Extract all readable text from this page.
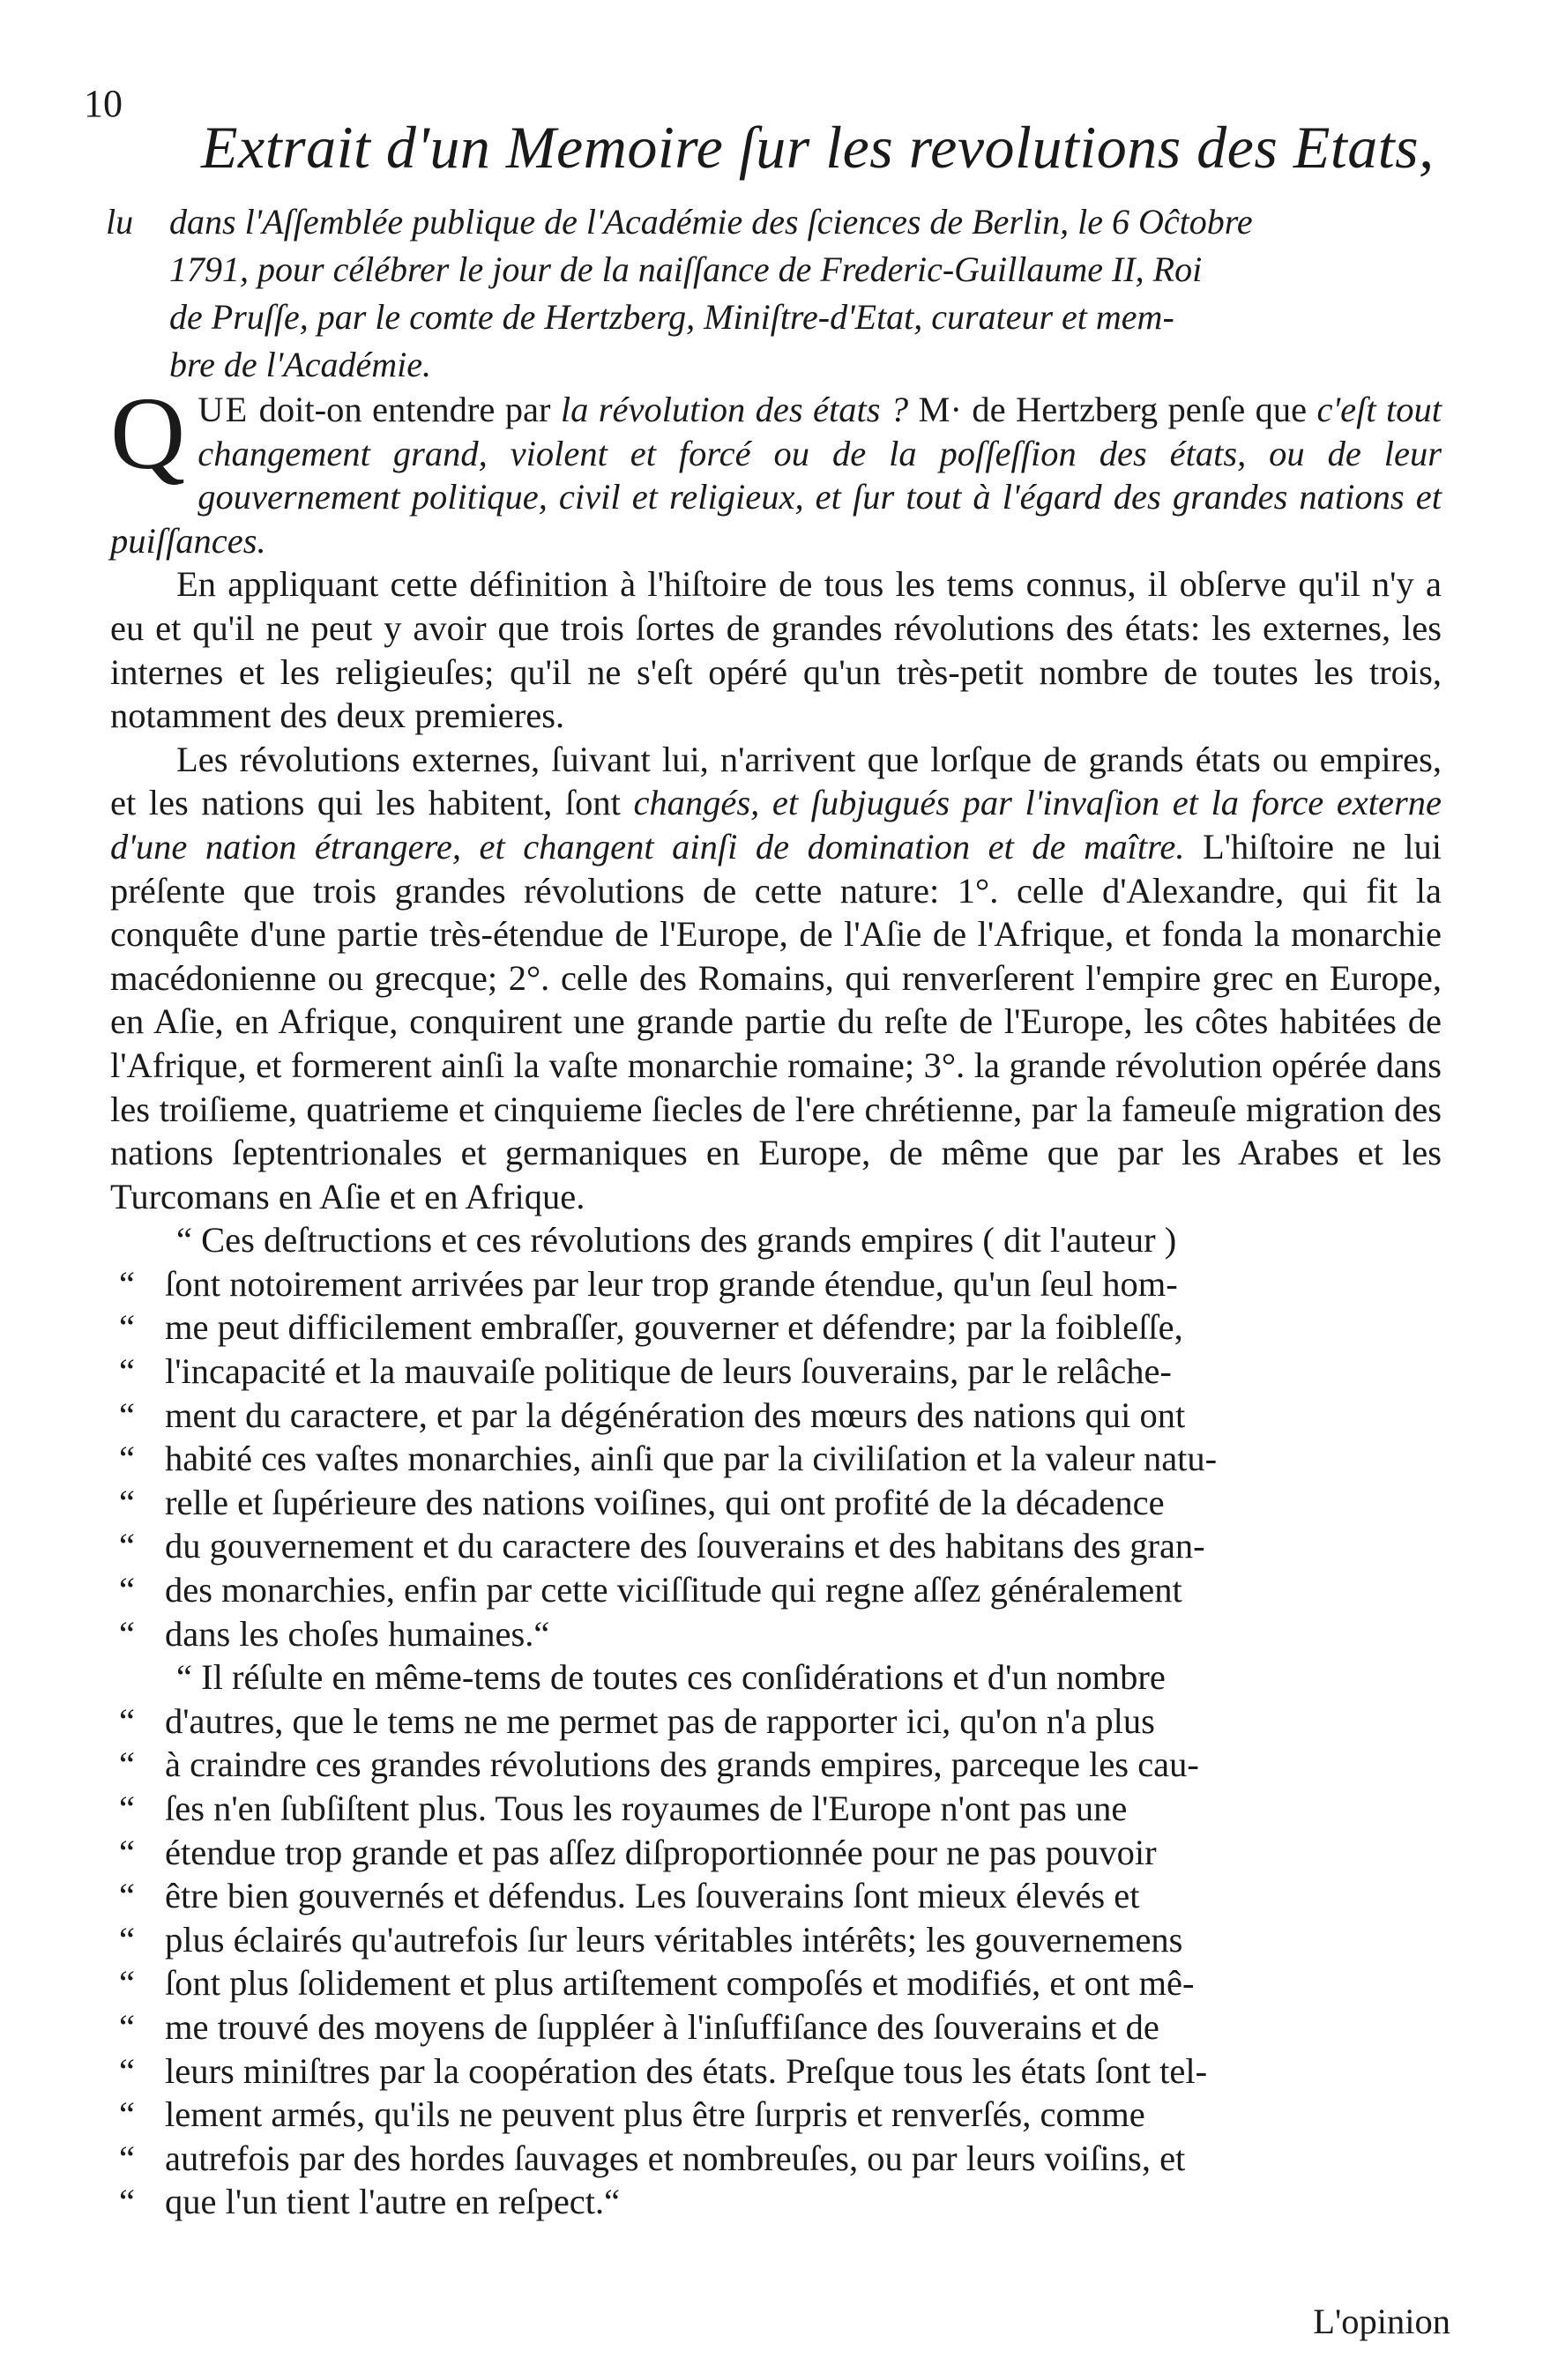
10
Extrait d'un Memoire ſur les revolutions des Etats,
lu dans l'Aſſemblée publique de l'Académie des ſciences de Berlin, le 6 Oĉtobre
1791, pour célébrer le jour de la naiſſance de Frederic-Guillaume II, Roi
de Pruſſe, par le comte de Hertzberg, Miniſtre-d'Etat, curateur et mem-
bre de l'Académie.

QUE doit-on entendre par la révolution des états ? M· de Hertzberg penſe que c'eſt tout changement grand, violent et forcé ou de la poſſeſſion des états, ou de leur gouvernement politique, civil et religieux, et ſur tout à l'égard des grandes nations et puiſſances.

En appliquant cette définition à l'hiſtoire de tous les tems connus, il obſerve qu'il n'y a eu et qu'il ne peut y avoir que trois ſortes de grandes révolutions des états: les externes, les internes et les religieuſes; qu'il ne s'eſt opéré qu'un très-petit nombre de toutes les trois, notamment des deux premieres.

Les révolutions externes, ſuivant lui, n'arrivent que lorſque de grands états ou empires, et les nations qui les habitent, ſont changés, et ſubjugués par l'invaſion et la force externe d'une nation étrangere, et changent ainſi de domination et de maître. L'hiſtoire ne lui préſente que trois grandes révolutions de cette nature: 1°. celle d'Alexandre, qui fit la conquête d'une partie très-étendue de l'Europe, de l'Aſie de l'Afrique, et fonda la monarchie macédonienne ou grecque; 2°. celle des Romains, qui renverſerent l'empire grec en Europe, en Aſie, en Afrique, conquirent une grande partie du reſte de l'Europe, les côtes habitées de l'Afrique, et formerent ainſi la vaſte monarchie romaine; 3°. la grande révolution opérée dans les troiſieme, quatrieme et cinquieme ſiecles de l'ere chrétienne, par la fameuſe migration des nations ſeptentrionales et germaniques en Europe, de même que par les Arabes et les Turcomans en Aſie et en Afrique.

“ Ces deſtructions et ces révolutions des grands empires ( dit l'auteur )
“ ſont notoirement arrivées par leur trop grande étendue, qu'un ſeul hom-
“ me peut difficilement embraſſer, gouverner et défendre; par la foibleſſe,
“ l'incapacité et la mauvaiſe politique de leurs ſouverains, par le relâche-
“ ment du caractere, et par la dégénération des mœurs des nations qui ont
“ habité ces vaſtes monarchies, ainſi que par la civiliſation et la valeur natu-
“ relle et ſupérieure des nations voiſines, qui ont profité de la décadence
“ du gouvernement et du caractere des ſouverains et des habitans des gran-
“ des monarchies, enfin par cette viciſſitude qui regne aſſez généralement
“ dans les choſes humaines.“
“ Il réſulte en même-tems de toutes ces conſidérations et d'un nombre
“ d'autres, que le tems ne me permet pas de rapporter ici, qu'on n'a plus
“ à craindre ces grandes révolutions des grands empires, parceque les cau-
“ ſes n'en ſubſiſtent plus. Tous les royaumes de l'Europe n'ont pas une
“ étendue trop grande et pas aſſez diſproportionnée pour ne pas pouvoir
“ être bien gouvernés et défendus. Les ſouverains ſont mieux élevés et
“ plus éclairés qu'autrefois ſur leurs véritables intérêts; les gouvernemens
“ ſont plus ſolidement et plus artiſtement compoſés et modifiés, et ont mê-
“ me trouvé des moyens de ſuppléer à l'inſuffiſance des ſouverains et de
“ leurs miniſtres par la coopération des états. Preſque tous les états ſont tel-
“ lement armés, qu'ils ne peuvent plus être ſurpris et renverſés, comme
“ autrefois par des hordes ſauvages et nombreuſes, ou par leurs voiſins, et
“ que l'un tient l'autre en reſpect.“
L'opinion
